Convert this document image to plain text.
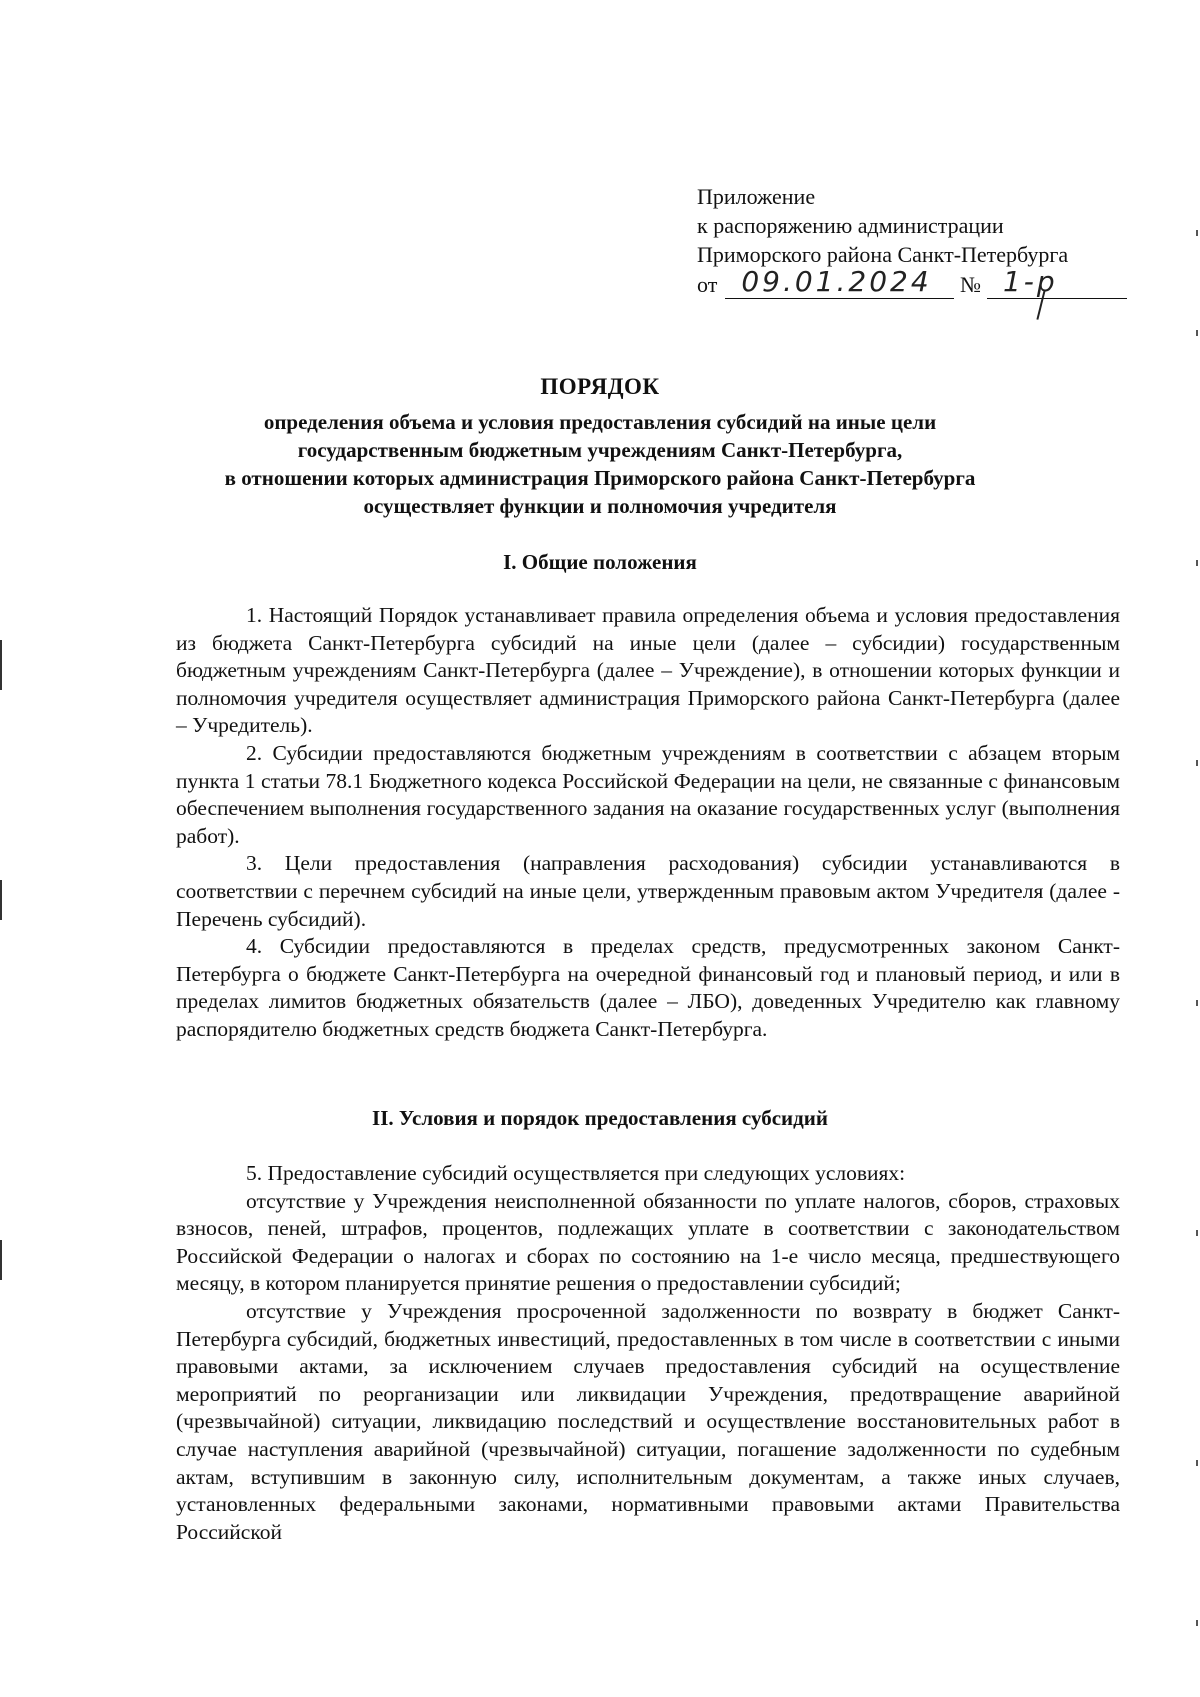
Приложение
к распоряжению администрации
Приморского района Санкт-Петербурга
от 09.01.2024	№ 1-р
ПОРЯДОК
определения объема и условия предоставления субсидий на иные цели
государственным бюджетным учреждениям Санкт-Петербурга,
в отношении которых администрация Приморского района Санкт-Петербурга
осуществляет функции и полномочия учредителя
I. Общие положения

1. Настоящий Порядок устанавливает правила определения объема и условия предоставления из бюджета Санкт-Петербурга субсидий на иные цели (далее – субсидии) государственным бюджетным учреждениям Санкт-Петербурга (далее – Учреждение), в отношении которых функции и полномочия учредителя осуществляет администрация Приморского района Санкт-Петербурга (далее – Учредитель).

2. Субсидии предоставляются бюджетным учреждениям в соответствии с абзацем вторым пункта 1 статьи 78.1 Бюджетного кодекса Российской Федерации на цели, не связанные с финансовым обеспечением выполнения государственного задания на оказание государственных услуг (выполнения работ).

3. Цели предоставления (направления расходования) субсидии устанавливаются в соответствии с перечнем субсидий на иные цели, утвержденным правовым актом Учредителя (далее - Перечень субсидий).

4. Субсидии предоставляются в пределах средств, предусмотренных законом Санкт-Петербурга о бюджете Санкт-Петербурга на очередной финансовый год и плановый период, и или в пределах лимитов бюджетных обязательств (далее – ЛБО), доведенных Учредителю как главному распорядителю бюджетных средств бюджета Санкт-Петербурга.

II. Условия и порядок предоставления субсидий

5. Предоставление субсидий осуществляется при следующих условиях:

отсутствие у Учреждения неисполненной обязанности по уплате налогов, сборов, страховых взносов, пеней, штрафов, процентов, подлежащих уплате в соответствии с законодательством Российской Федерации о налогах и сборах по состоянию на 1-е число месяца, предшествующего месяцу, в котором планируется принятие решения о предоставлении субсидий;

отсутствие у Учреждения просроченной задолженности по возврату в бюджет Санкт-Петербурга субсидий, бюджетных инвестиций, предоставленных в том числе в соответствии с иными правовыми актами, за исключением случаев предоставления субсидий на осуществление мероприятий по реорганизации или ликвидации Учреждения, предотвращение аварийной (чрезвычайной) ситуации, ликвидацию последствий и осуществление восстановительных работ в случае наступления аварийной (чрезвычайной) ситуации, погашение задолженности по судебным актам, вступившим в законную силу, исполнительным документам, а также иных случаев, установленных федеральными законами, нормативными правовыми актами Правительства Российской
